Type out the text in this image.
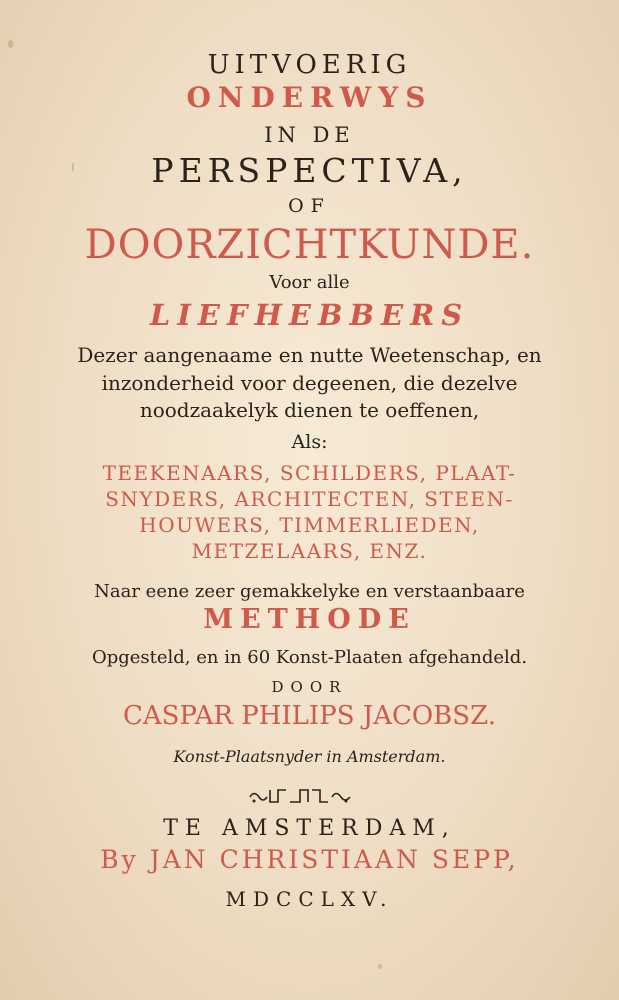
UITVOERIG
ONDERWYS
IN DE
PERSPECTIVA,
OF
DOORZICHTKUNDE.
Voor alle
LIEFHEBBERS
Dezer aangenaame en nutte Weetenschap, en
inzonderheid voor degeenen, die dezelve
noodzaakelyk dienen te oeffenen,
Als:
TEEKENAARS, SCHILDERS, PLAAT-
SNYDERS, ARCHITECTEN, STEEN-
HOUWERS, TIMMERLIEDEN,
METZELAARS, ENZ.
Naar eene zeer gemakkelyke en verstaanbaare
METHODE
Opgesteld, en in 60 Konst-Plaaten afgehandeld.
DOOR
CASPAR PHILIPS JACOBSZ.
Konst-Plaatsnyder in Amsterdam.
TE AMSTERDAM,
By JAN CHRISTIAAN SEPP,
MDCCLXV.
